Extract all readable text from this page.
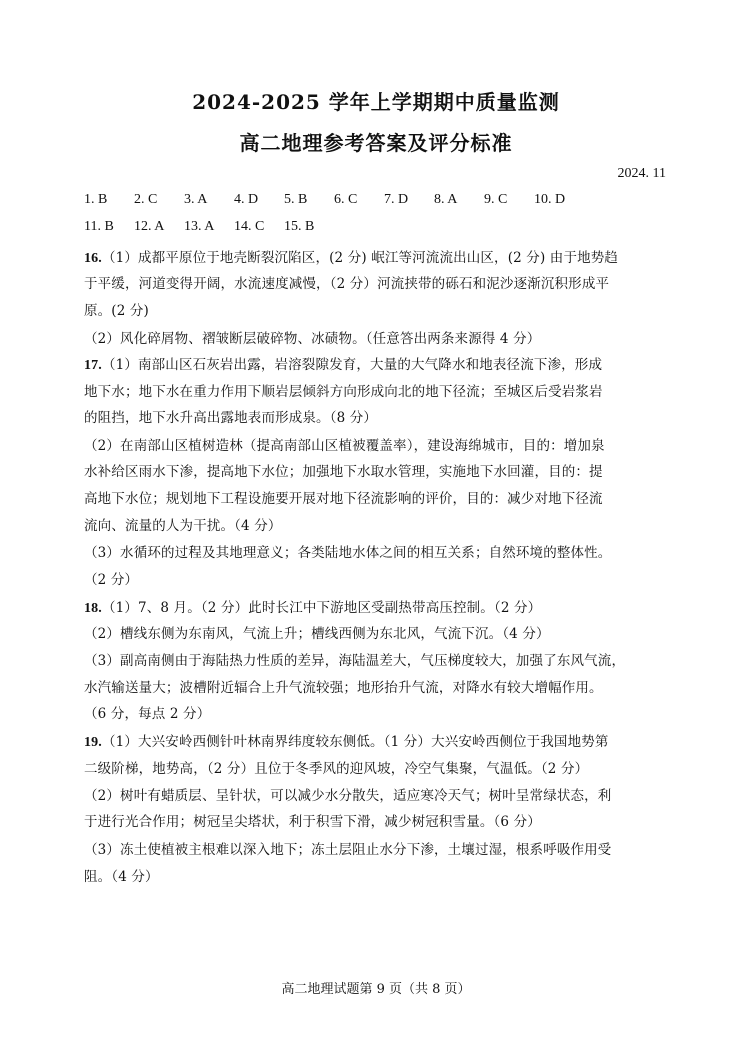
2024-2025 学年上学期期中质量监测
高二地理参考答案及评分标准
2024. 11
1. B 2. C 3. A 4. D 5. B 6. C 7. D 8. A 9. C 10. D
11. B 12. A 13. A 14. C 15. B
16.（1）成都平原位于地壳断裂沉陷区，(2 分) 岷江等河流流出山区，(2 分) 由于地势趋
于平缓，河道变得开阔，水流速度减慢，（2 分）河流挟带的砾石和泥沙逐渐沉积形成平
原。(2 分)
（2）风化碎屑物、褶皱断层破碎物、冰碛物。（任意答出两条来源得 4 分）
17.（1）南部山区石灰岩出露，岩溶裂隙发育，大量的大气降水和地表径流下渗，形成
地下水；地下水在重力作用下顺岩层倾斜方向形成向北的地下径流；至城区后受岩浆岩
的阻挡，地下水升高出露地表而形成泉。（8 分）
（2）在南部山区植树造林（提高南部山区植被覆盖率），建设海绵城市，目的：增加泉
水补给区雨水下渗，提高地下水位；加强地下水取水管理，实施地下水回灌，目的：提
高地下水位；规划地下工程设施要开展对地下径流影响的评价，目的：减少对地下径流
流向、流量的人为干扰。（4 分）
（3）水循环的过程及其地理意义；各类陆地水体之间的相互关系；自然环境的整体性。
（2 分）
18.（1）7、8 月。（2 分）此时长江中下游地区受副热带高压控制。（2 分）
（2）槽线东侧为东南风，气流上升；槽线西侧为东北风，气流下沉。（4 分）
（3）副高南侧由于海陆热力性质的差异，海陆温差大，气压梯度较大，加强了东风气流，
水汽输送量大；波槽附近辐合上升气流较强；地形抬升气流，对降水有较大增幅作用。
（6 分，每点 2 分）
19.（1）大兴安岭西侧针叶林南界纬度较东侧低。（1 分）大兴安岭西侧位于我国地势第
二级阶梯，地势高，（2 分）且位于冬季风的迎风坡，冷空气集聚，气温低。（2 分）
（2）树叶有蜡质层、呈针状，可以减少水分散失，适应寒冷天气；树叶呈常绿状态，利
于进行光合作用；树冠呈尖塔状，利于积雪下滑，减少树冠积雪量。（6 分）
（3）冻土使植被主根难以深入地下；冻土层阻止水分下渗，土壤过湿，根系呼吸作用受
阻。（4 分）
高二地理试题第 9 页（共 8 页）
